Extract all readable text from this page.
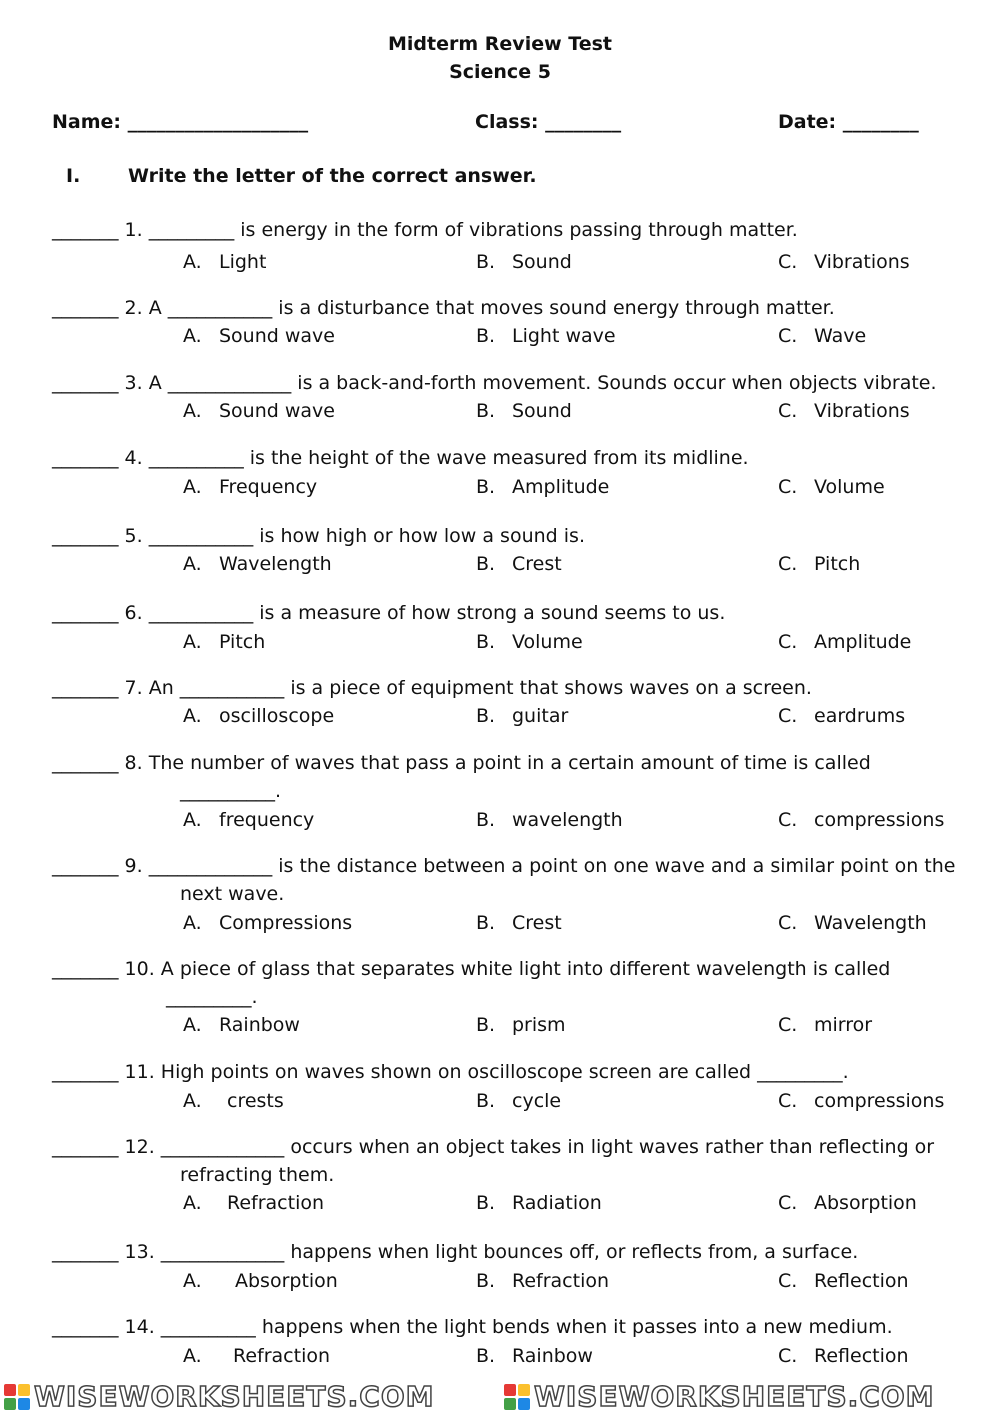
Midterm Review Test
Science 5
Name: ___________________	Class: ________	Date: ________
I.	Write the letter of the correct answer.
_______ 1. _________ is energy in the form of vibrations passing through matter.
A. Light	B. Sound	C. Vibrations
_______ 2. A ___________ is a disturbance that moves sound energy through matter.
A. Sound wave	B. Light wave	C. Wave
_______ 3. A _____________ is a back-and-forth movement. Sounds occur when objects vibrate.
A. Sound wave	B. Sound	C. Vibrations
_______ 4. __________ is the height of the wave measured from its midline.
A. Frequency	B. Amplitude	C. Volume
_______ 5. ___________ is how high or how low a sound is.
A. Wavelength	B. Crest	C. Pitch
_______ 6. ___________ is a measure of how strong a sound seems to us.
A. Pitch	B. Volume	C. Amplitude
_______ 7. An ___________ is a piece of equipment that shows waves on a screen.
A. oscilloscope	B. guitar	C. eardrums
_______ 8. The number of waves that pass a point in a certain amount of time is called
__________.
A. frequency	B. wavelength	C. compressions
_______ 9. _____________ is the distance between a point on one wave and a similar point on the
next wave.
A. Compressions	B. Crest	C. Wavelength
_______ 10. A piece of glass that separates white light into different wavelength is called
_________.
A. Rainbow	B. prism	C. mirror
_______ 11. High points on waves shown on oscilloscope screen are called _________.
A. crests	B. cycle	C. compressions
_______ 12. _____________ occurs when an object takes in light waves rather than reflecting or
refracting them.
A. Refraction	B. Radiation	C. Absorption
_______ 13. _____________ happens when light bounces off, or reflects from, a surface.
A. Absorption	B. Refraction	C. Reflection
_______ 14. __________ happens when the light bends when it passes into a new medium.
A. Refraction	B. Rainbow	C. Reflection
WISEWORKSHEETS.COM	WISEWORKSHEETS.COM
